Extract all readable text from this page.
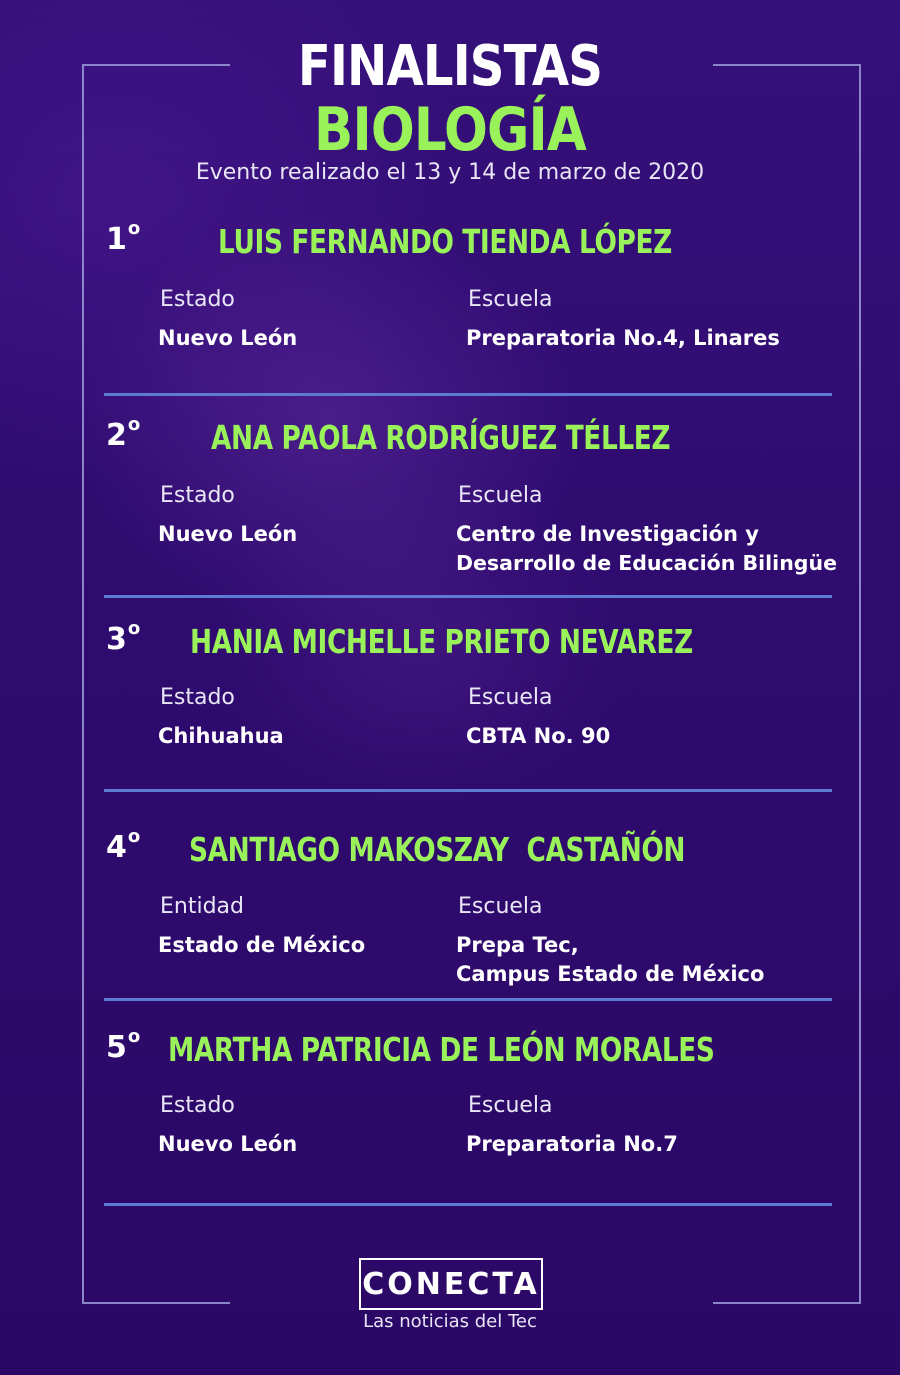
FINALISTAS
BIOLOGÍA
Evento realizado el 13 y 14 de marzo de 2020
1$^o$ LUIS FERNANDO TIENDA LÓPEZ
Estado
Nuevo León
Escuela
Preparatoria No.4, Linares
2$^o$ ANA PAOLA RODRÍGUEZ TÉLLEZ
Estado
Nuevo León
Escuela
Centro de Investigación y
Desarrollo de Educación Bilingüe
3$^o$ HANIA MICHELLE PRIETO NEVAREZ
Estado
Chihuahua
Escuela
CBTA No. 90
4$^o$ SANTIAGO MAKOSZAY  CASTAÑÓN
Entidad
Estado de México
Escuela
Prepa Tec,
Campus Estado de México
5$^o$ MARTHA PATRICIA DE LEÓN MORALES
Estado
Nuevo León
Escuela
Preparatoria No.7
CONECTA
Las noticias del Tec
